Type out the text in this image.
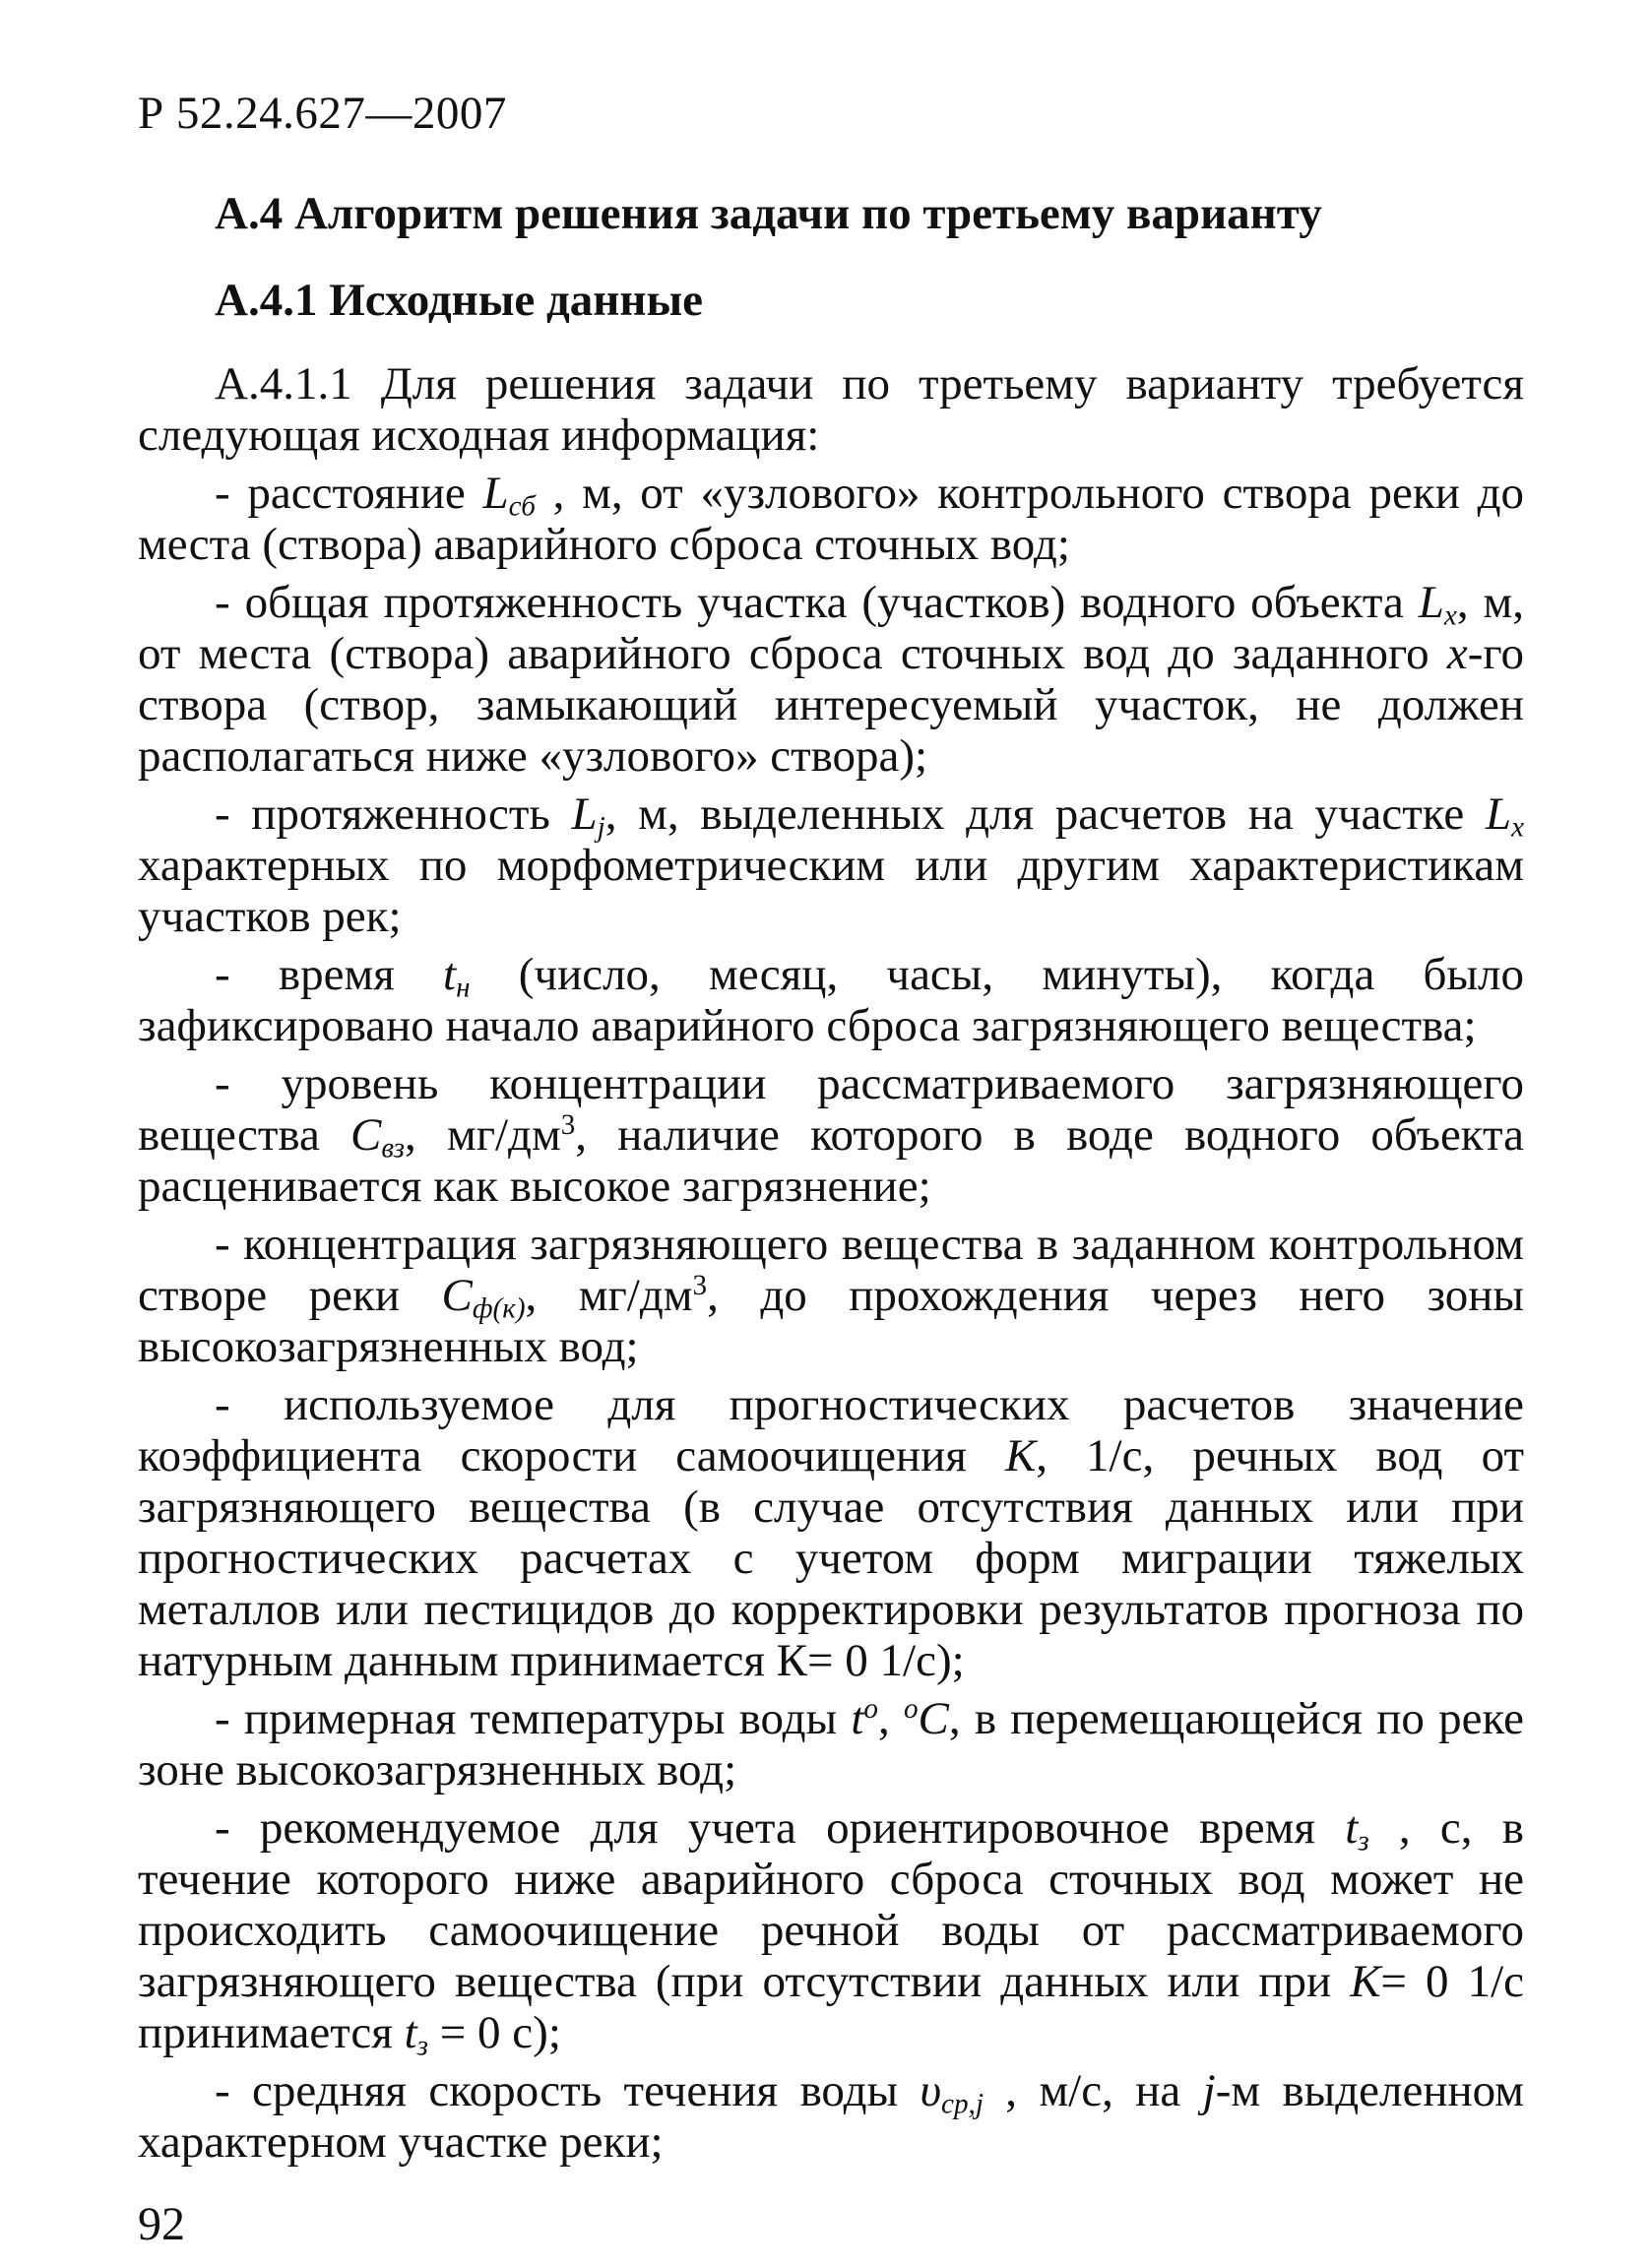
Р 52.24.627—2007
А.4 Алгоритм решения задачи по третьему варианту
А.4.1 Исходные данные

А.4.1.1 Для решения задачи по третьему варианту требуется следующая исходная информация:

- расстояние $L_{сб}$ , м, от «узлового» контрольного створа реки до места (створа) аварийного сброса сточных вод;

- общая протяженность участка (участков) водного объекта $L_x$, м, от места (створа) аварийного сброса сточных вод до заданного x-го створа (створ, замыкающий интересуемый участок, не должен располагаться ниже «узлового» створа);

- протяженность $L_j$, м, выделенных для расчетов на участке $L_x$ характерных по морфометрическим или другим характеристикам участков рек;

- время $t_н$ (число, месяц, часы, минуты), когда было зафиксировано начало аварийного сброса загрязняющего вещества;

- уровень концентрации рассматриваемого загрязняющего вещества $С_{вз}$, $мг/дм^3$, наличие которого в воде водного объекта расценивается как высокое загрязнение;

- концентрация загрязняющего вещества в заданном контрольном створе реки $С_{ф(к)}$, $мг/дм^3$, до прохождения через него зоны высокозагрязненных вод;

- используемое для прогностических расчетов значение коэффициента скорости самоочищения К, 1/с, речных вод от загрязняющего вещества (в случае отсутствия данных или при прогностических расчетах с учетом форм миграции тяжелых металлов или пестицидов до корректировки результатов прогноза по натурным данным принимается К= 0 1/с);

- примерная температуры воды $t^o$, $^o$C, в перемещающейся по реке зоне высокозагрязненных вод;

- рекомендуемое для учета ориентировочное время $t_з$ , с, в течение которого ниже аварийного сброса сточных вод может не происходить самоочищение речной воды от рассматриваемого загрязняющего вещества (при отсутствии данных или при К= 0 1/с принимается $t_з = 0$ с);

- средняя скорость течения воды $\upsilon_{ср,j}$ , м/с, на j-м выделенном характерном участке реки;

92
